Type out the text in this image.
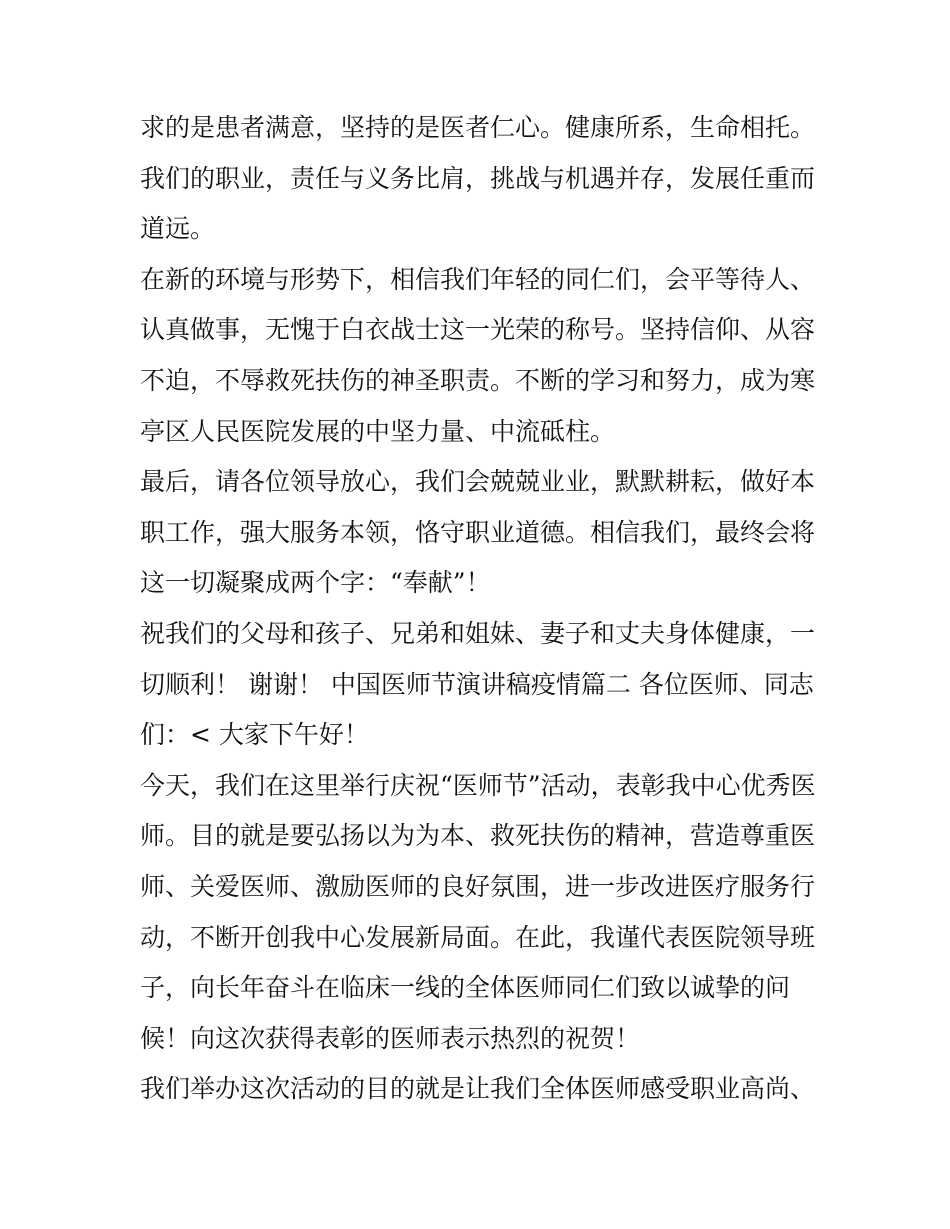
求的是患者满意，坚持的是医者仁心。健康所系，生命相托。
我们的职业，责任与义务比肩，挑战与机遇并存，发展任重而
道远。
在新的环境与形势下，相信我们年轻的同仁们，会平等待人、
认真做事，无愧于白衣战士这一光荣的称号。坚持信仰、从容
不迫，不辱救死扶伤的神圣职责。不断的学习和努力，成为寒
亭区人民医院发展的中坚力量、中流砥柱。
最后，请各位领导放心，我们会兢兢业业，默默耕耘，做好本
职工作，强大服务本领，恪守职业道德。相信我们，最终会将
这一切凝聚成两个字：“奉献”！
祝我们的父母和孩子、兄弟和姐妹、妻子和丈夫身体健康，一
切顺利！ 谢谢！ 中国医师节演讲稿疫情篇二 各位医师、同志
们：< 大家下午好！
今天，我们在这里举行庆祝“医师节”活动，表彰我中心优秀医
师。目的就是要弘扬以为为本、救死扶伤的精神，营造尊重医
师、关爱医师、激励医师的良好氛围，进一步改进医疗服务行
动，不断开创我中心发展新局面。在此，我谨代表医院领导班
子，向长年奋斗在临床一线的全体医师同仁们致以诚挚的问
候！向这次获得表彰的医师表示热烈的祝贺！
我们举办这次活动的目的就是让我们全体医师感受职业高尚、
